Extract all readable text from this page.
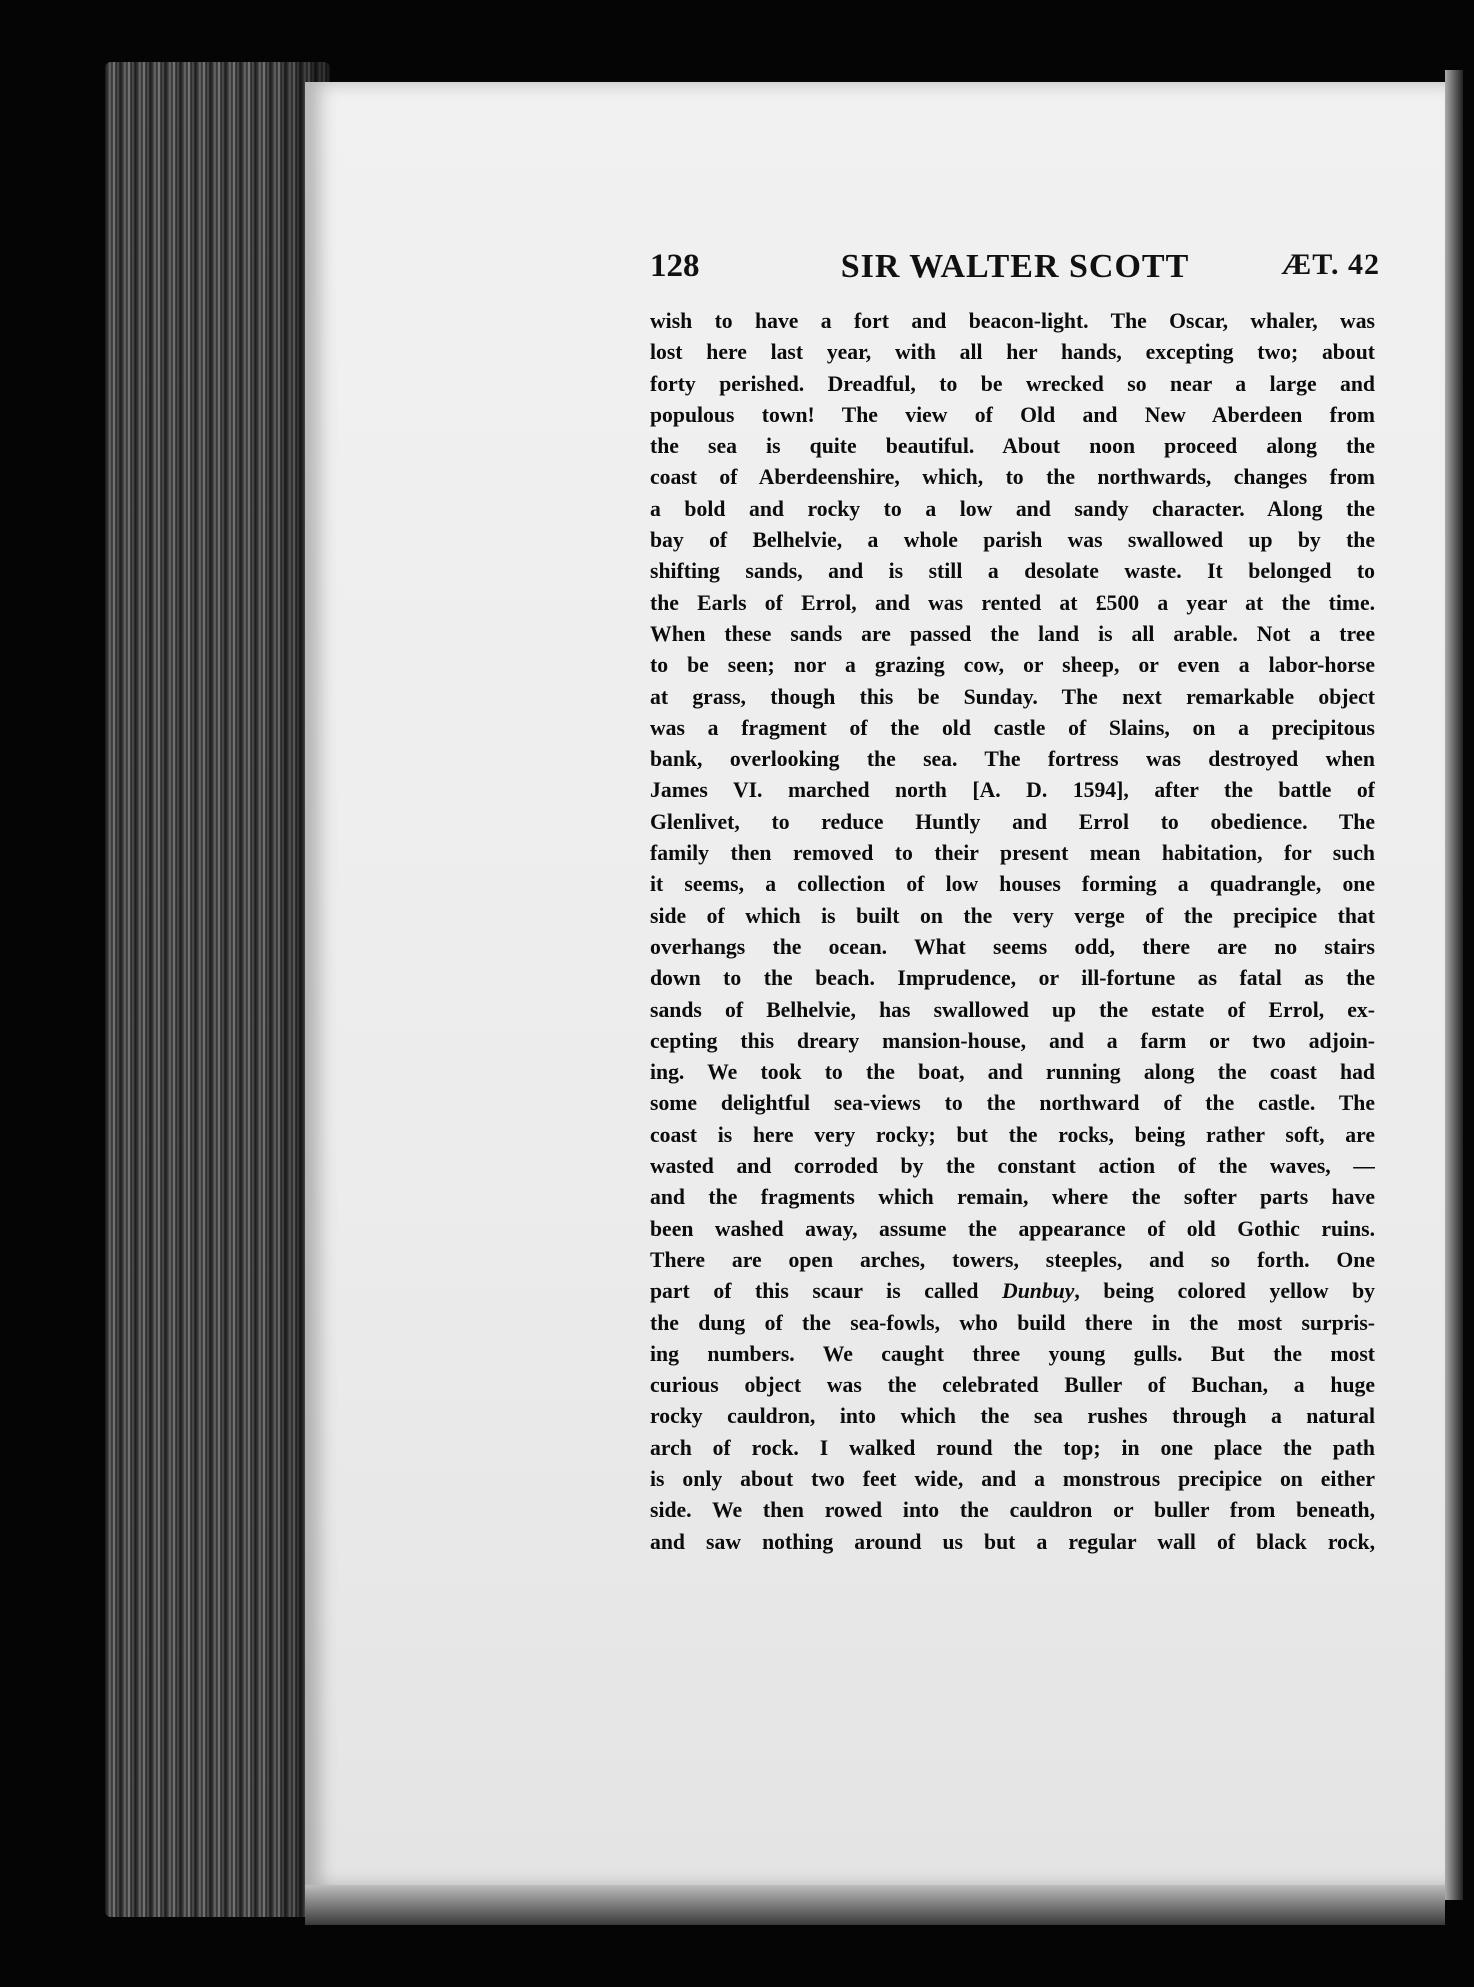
128	SIR WALTER SCOTT	ÆT. 42
wish to have a fort and beacon-light. The Oscar, whaler, was
lost here last year, with all her hands, excepting two; about
forty perished. Dreadful, to be wrecked so near a large and
populous town! The view of Old and New Aberdeen from
the sea is quite beautiful. About noon proceed along the
coast of Aberdeenshire, which, to the northwards, changes from
a bold and rocky to a low and sandy character. Along the
bay of Belhelvie, a whole parish was swallowed up by the
shifting sands, and is still a desolate waste. It belonged to
the Earls of Errol, and was rented at £500 a year at the time.
When these sands are passed the land is all arable. Not a tree
to be seen; nor a grazing cow, or sheep, or even a labor-horse
at grass, though this be Sunday. The next remarkable object
was a fragment of the old castle of Slains, on a precipitous
bank, overlooking the sea. The fortress was destroyed when
James VI. marched north [A. D. 1594], after the battle of
Glenlivet, to reduce Huntly and Errol to obedience. The
family then removed to their present mean habitation, for such
it seems, a collection of low houses forming a quadrangle, one
side of which is built on the very verge of the precipice that
overhangs the ocean. What seems odd, there are no stairs
down to the beach. Imprudence, or ill-fortune as fatal as the
sands of Belhelvie, has swallowed up the estate of Errol, ex-
cepting this dreary mansion-house, and a farm or two adjoin-
ing. We took to the boat, and running along the coast had
some delightful sea-views to the northward of the castle. The
coast is here very rocky; but the rocks, being rather soft, are
wasted and corroded by the constant action of the waves, —
and the fragments which remain, where the softer parts have
been washed away, assume the appearance of old Gothic ruins.
There are open arches, towers, steeples, and so forth. One
part of this scaur is called Dunbuy, being colored yellow by
the dung of the sea-fowls, who build there in the most surpris-
ing numbers. We caught three young gulls. But the most
curious object was the celebrated Buller of Buchan, a huge
rocky cauldron, into which the sea rushes through a natural
arch of rock. I walked round the top; in one place the path
is only about two feet wide, and a monstrous precipice on either
side. We then rowed into the cauldron or buller from beneath,
and saw nothing around us but a regular wall of black rock,
